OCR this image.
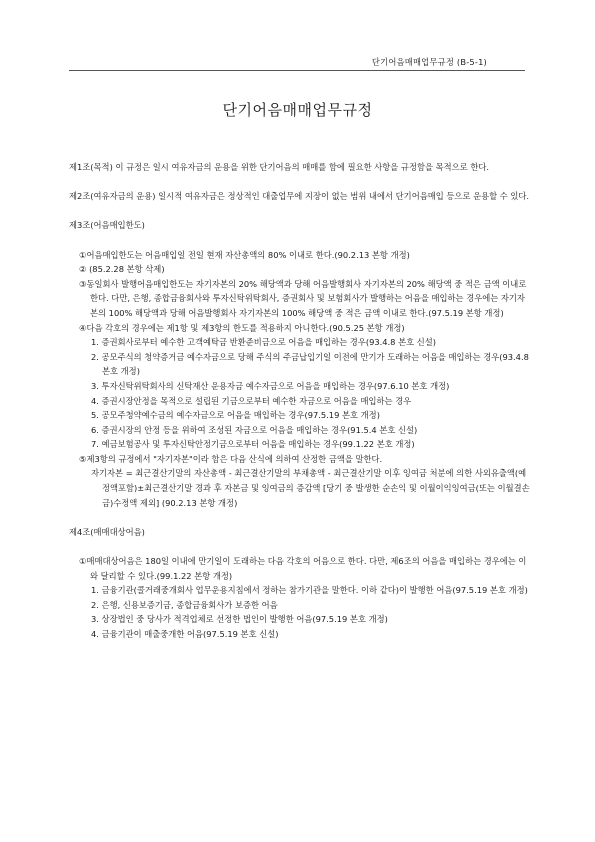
단기어음매매업무규정 (B-5-1)
단기어음매매업무규정

제1조(목적) 이 규정은 일시 여유자금의 운용을 위한 단기어음의 매매를 함에 필요한 사항을 규정함을 목적으로 한다.

제2조(여유자금의 운용) 일시적 여유자금은 정상적인 대출업무에 지장이 없는 범위 내에서 단기어음매입 등으로 운용할 수 있다.

제3조(어음매입한도)

①어음매입한도는 어음매입일 전일 현재 자산총액의 80% 이내로 한다.(90.2.13 본항 개정)

② (85.2.28 본항 삭제)

③동일회사 발행어음매입한도는 자기자본의 20% 해당액과 당해 어음발행회사 자기자본의 20% 해당액 중 적은 금액 이내로 한다. 다만, 은행, 종합금융회사와 투자신탁위탁회사, 증권회사 및 보험회사가 발행하는 어음을 매입하는 경우에는 자기자본의 100% 해당액과 당해 어음발행회사 자기자본의 100% 해당액 중 적은 금액 이내로 한다.(97.5.19 본항 개정)

④다음 각호의 경우에는 제1항 및 제3항의 한도를 적용하지 아니한다.(90.5.25 본항 개정)

1. 증권회사로부터 예수한 고객예탁금 반환준비금으로 어음을 매입하는 경우(93.4.8 본호 신설)

2. 공모주식의 청약증거금 예수자금으로 당해 주식의 주금납입기일 이전에 만기가 도래하는 어음을 매입하는 경우(93.4.8 본호 개정)

3. 투자신탁위탁회사의 신탁재산 운용자금 예수자금으로 어음을 매입하는 경우(97.6.10 본호 개정)

4. 증권시장안정을 목적으로 설립된 기금으로부터 예수한 자금으로 어음을 매입하는 경우

5. 공모주청약예수금의 예수자금으로 어음을 매입하는 경우(97.5.19 본호 개정)

6. 증권시장의 안정 등을 위하여 조성된 자금으로 어음을 매입하는 경우(91.5.4 본호 신설)

7. 예금보험공사 및 투자신탁안정기금으로부터 어음을 매입하는 경우(99.1.22 본호 개정)

⑤제3항의 규정에서 "자기자본"이라 함은 다음 산식에 의하여 산정한 금액을 말한다.

자기자본 = 최근결산기말의 자산총액 - 최근결산기말의 부채총액 - 최근결산기말 이후 잉여금 처분에 의한 사외유출액(예정액포함)±최근결산기말 경과 후 자본금 및 잉여금의 증감액 [당기 중 발생한 순손익 및 이월이익잉여금(또는 이월결손금)수정액 제외] (90.2.13 본항 개정)

제4조(매매대상어음)

①매매대상어음은 180일 이내에 만기일이 도래하는 다음 각호의 어음으로 한다. 다만, 제6조의 어음을 매입하는 경우에는 이와 달리할 수 있다.(99.1.22 본항 개정)

1. 금융기관(콜거래중개회사 업무운용지침에서 정하는 참가기관을 말한다. 이하 같다)이 발행한 어음(97.5.19 본호 개정)

2. 은행, 신용보증기금, 종합금융회사가 보증한 어음

3. 상장법인 중 당사가 적격업체로 선정한 법인이 발행한 어음(97.5.19 본호 개정)

4. 금융기관이 매출중개한 어음(97.5.19 본호 신설)
